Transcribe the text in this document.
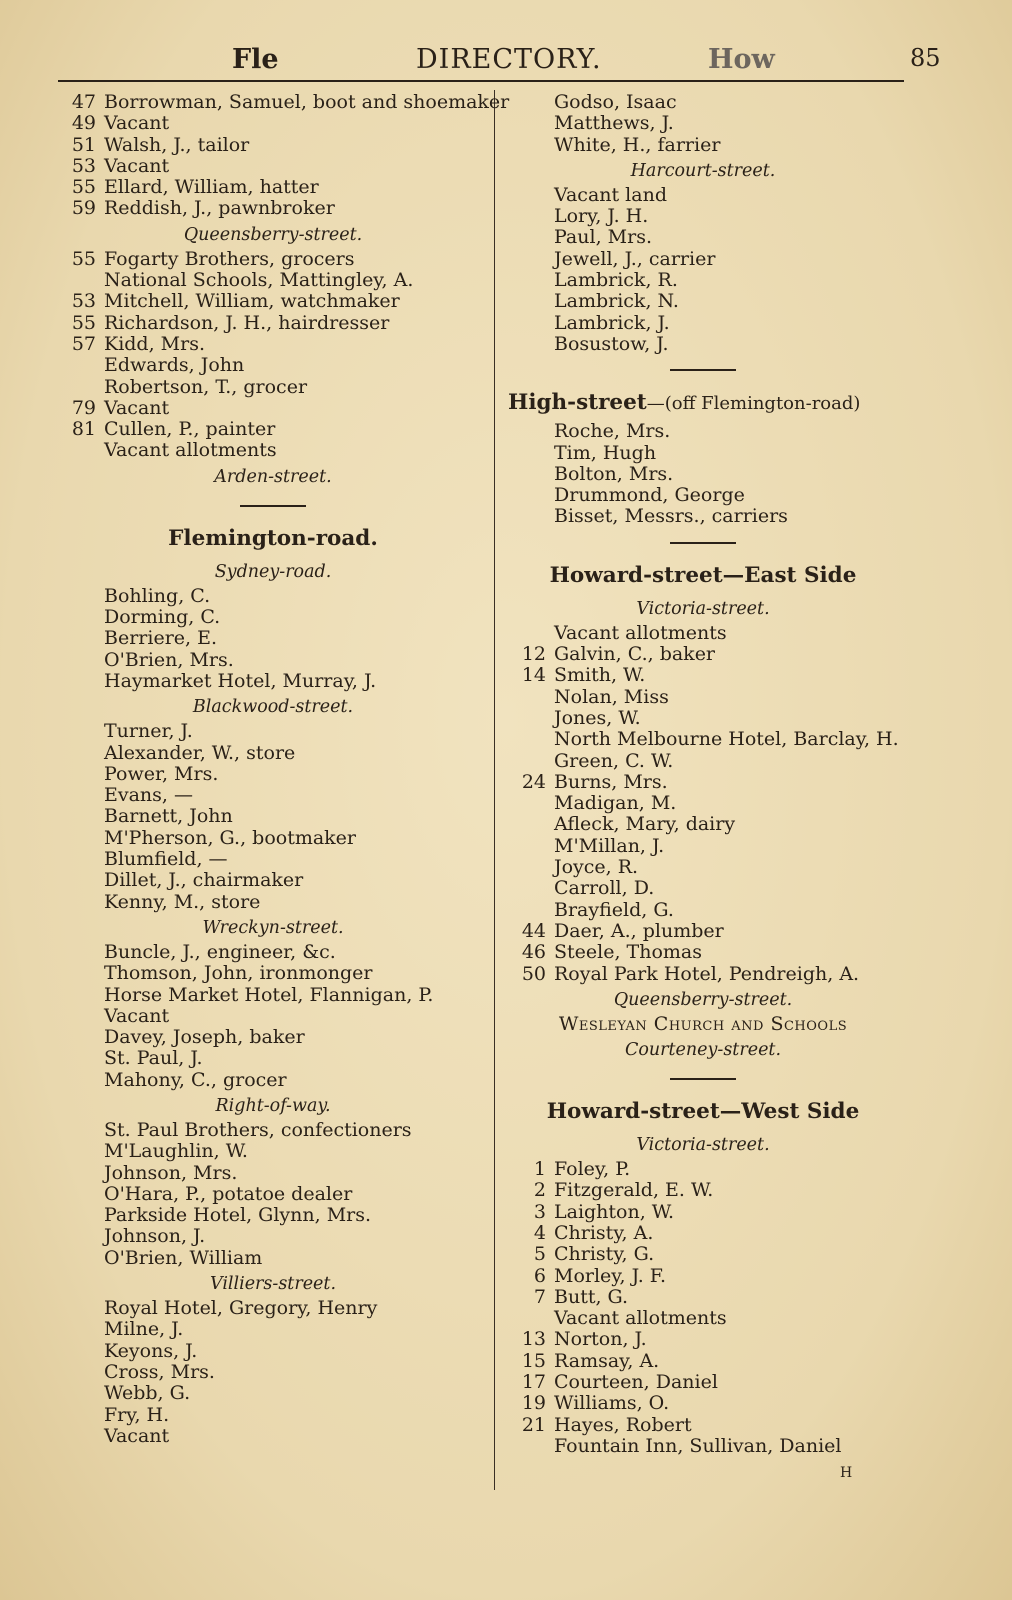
Fle	DIRECTORY.	How	85
47 Borrowman, Samuel, boot and shoemaker
49 Vacant
51 Walsh, J., tailor
53 Vacant
55 Ellard, William, hatter
59 Reddish, J., pawnbroker
Queensberry-street.
55 Fogarty Brothers, grocers
National Schools, Mattingley, A.
53 Mitchell, William, watchmaker
55 Richardson, J. H., hairdresser
57 Kidd, Mrs.
Edwards, John
Robertson, T., grocer
79 Vacant
81 Cullen, P., painter
Vacant allotments
Arden-street.
Flemington-road.
Sydney-road.
Bohling, C.
Dorming, C.
Berriere, E.
O'Brien, Mrs.
Haymarket Hotel, Murray, J.
Blackwood-street.
Turner, J.
Alexander, W., store
Power, Mrs.
Evans, —
Barnett, John
M'Pherson, G., bootmaker
Blumfield, —
Dillet, J., chairmaker
Kenny, M., store
Wreckyn-street.
Buncle, J., engineer, &c.
Thomson, John, ironmonger
Horse Market Hotel, Flannigan, P.
Vacant
Davey, Joseph, baker
St. Paul, J.
Mahony, C., grocer
Right-of-way.
St. Paul Brothers, confectioners
M'Laughlin, W.
Johnson, Mrs.
O'Hara, P., potatoe dealer
Parkside Hotel, Glynn, Mrs.
Johnson, J.
O'Brien, William
Villiers-street.
Royal Hotel, Gregory, Henry
Milne, J.
Keyons, J.
Cross, Mrs.
Webb, G.
Fry, H.
Vacant
Godso, Isaac
Matthews, J.
White, H., farrier
Harcourt-street.
Vacant land
Lory, J. H.
Paul, Mrs.
Jewell, J., carrier
Lambrick, R.
Lambrick, N.
Lambrick, J.
Bosustow, J.
High-street—(off Flemington-road)
Roche, Mrs.
Tim, Hugh
Bolton, Mrs.
Drummond, George
Bisset, Messrs., carriers
Howard-street—East Side
Victoria-street.
Vacant allotments
12 Galvin, C., baker
14 Smith, W.
Nolan, Miss
Jones, W.
North Melbourne Hotel, Barclay, H.
Green, C. W.
24 Burns, Mrs.
Madigan, M.
Afleck, Mary, dairy
M'Millan, J.
Joyce, R.
Carroll, D.
Brayfield, G.
44 Daer, A., plumber
46 Steele, Thomas
50 Royal Park Hotel, Pendreigh, A.
Queensberry-street.
Wesleyan Church and Schools
Courteney-street.
Howard-street—West Side
Victoria-street.
1 Foley, P.
2 Fitzgerald, E. W.
3 Laighton, W.
4 Christy, A.
5 Christy, G.
6 Morley, J. F.
7 Butt, G.
Vacant allotments
13 Norton, J.
15 Ramsay, A.
17 Courteen, Daniel
19 Williams, O.
21 Hayes, Robert
Fountain Inn, Sullivan, Daniel
H
